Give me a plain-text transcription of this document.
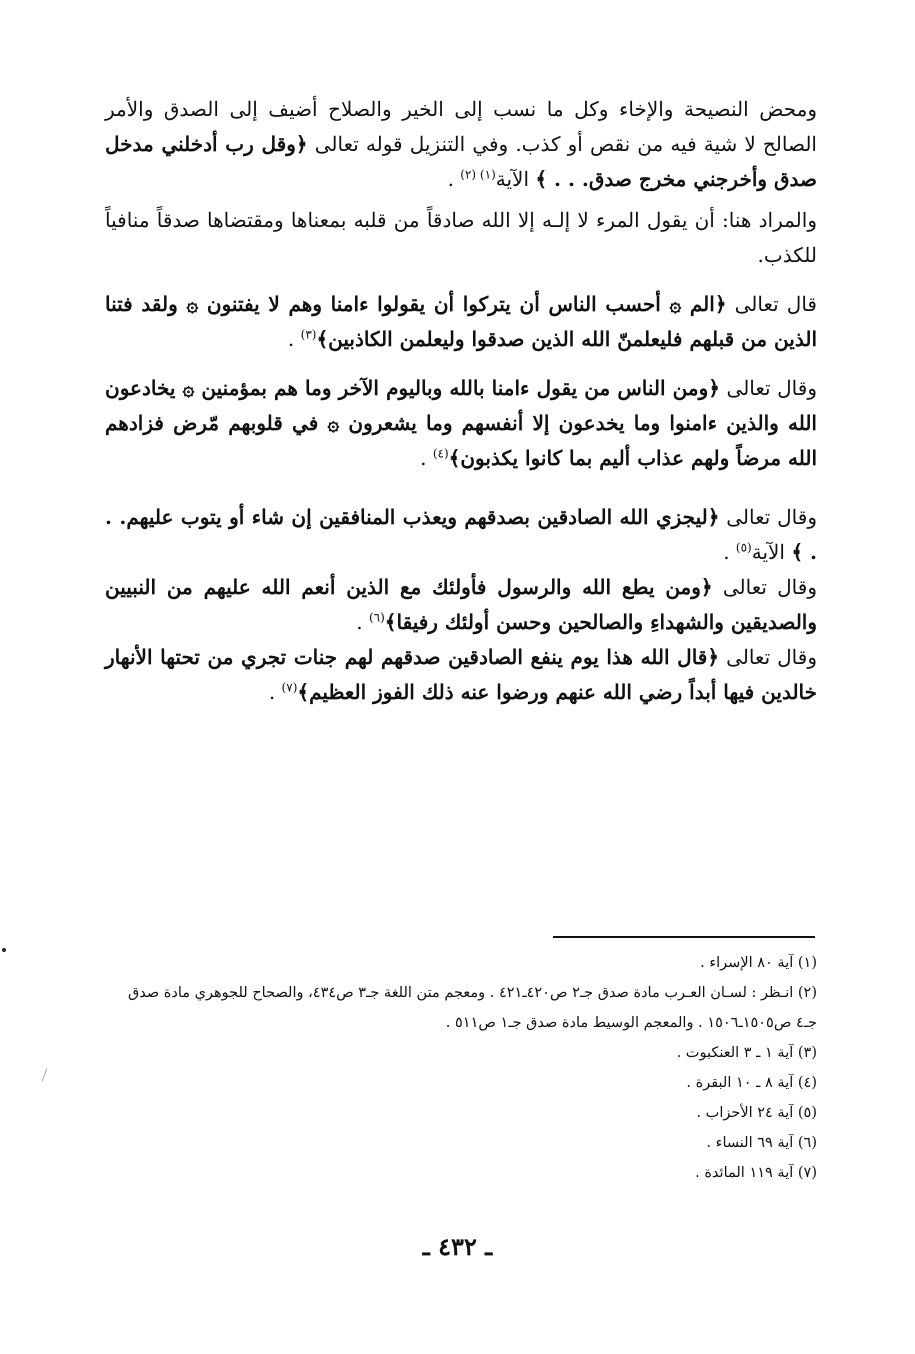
ومحض النصيحة والإخاء وكل ما نسب إلى الخير والصلاح أضيف إلى الصدق والأمر الصالح لا شية فيه من نقص أو كذب. وفي التنزيل قوله تعالى ﴿وقل رب أدخلني مدخل صدق وأخرجني مخرج صدق. . . ﴾ الآية$^{(١) (٢)}$ .

والمراد هنا: أن يقول المرء لا إلـه إلا الله صادقاً من قلبه بمعناها ومقتضاها صدقاً منافياً للكذب.

قال تعالى ﴿الم ۞ أحسب الناس أن يتركوا أن يقولوا ءامنا وهم لا يفتنون ۞ ولقد فتنا الذين من قبلهم فليعلمنّ الله الذين صدقوا وليعلمن الكاذبين﴾$^{(٣)}$ .

وقال تعالى ﴿ومن الناس من يقول ءامنا بالله وباليوم الآخر وما هم بمؤمنين ۞ يخادعون الله والذين ءامنوا وما يخدعون إلا أنفسهم وما يشعرون ۞ في قلوبهم مّرض فزادهم الله مرضاً ولهم عذاب أليم بما كانوا يكذبون﴾$^{(٤)}$ .

وقال تعالى ﴿ليجزي الله الصادقين بصدقهم ويعذب المنافقين إن شاء أو يتوب عليهم. . . ﴾ الآية$^{(٥)}$ .

وقال تعالى ﴿ومن يطع الله والرسول فأولئك مع الذين أنعم الله عليهم من النبيين والصديقين والشهداءِ والصالحين وحسن أولئك رفيقا﴾$^{(٦)}$ .

وقال تعالى ﴿قال الله هذا يوم ينفع الصادقين صدقهم لهم جنات تجري من تحتها الأنهار خالدين فيها أبداً رضي الله عنهم ورضوا عنه ذلك الفوز العظيم﴾$^{(٧)}$ .

(١) آية ٨٠ الإسراء .

(٢) انـظر : لسـان العـرب مادة صدق جـ٢ ص٤٢٠ـ٤٢١ . ومعجم متن اللغة جـ٣ ص٤٣٤، والصحاح للجوهري مادة صدق جـ٤ ص١٥٠٥ـ١٥٠٦ . والمعجم الوسيط مادة صدق جـ١ ص٥١١ .

(٣) آية ١ ـ ٣ العنكبوت .

(٤) آية ٨ ـ ١٠ البقرة .

(٥) آية ٢٤ الأحزاب .

(٦) آية ٦٩ النساء .

(٧) آية ١١٩ المائدة .

ـ ٤٣٢ ـ
